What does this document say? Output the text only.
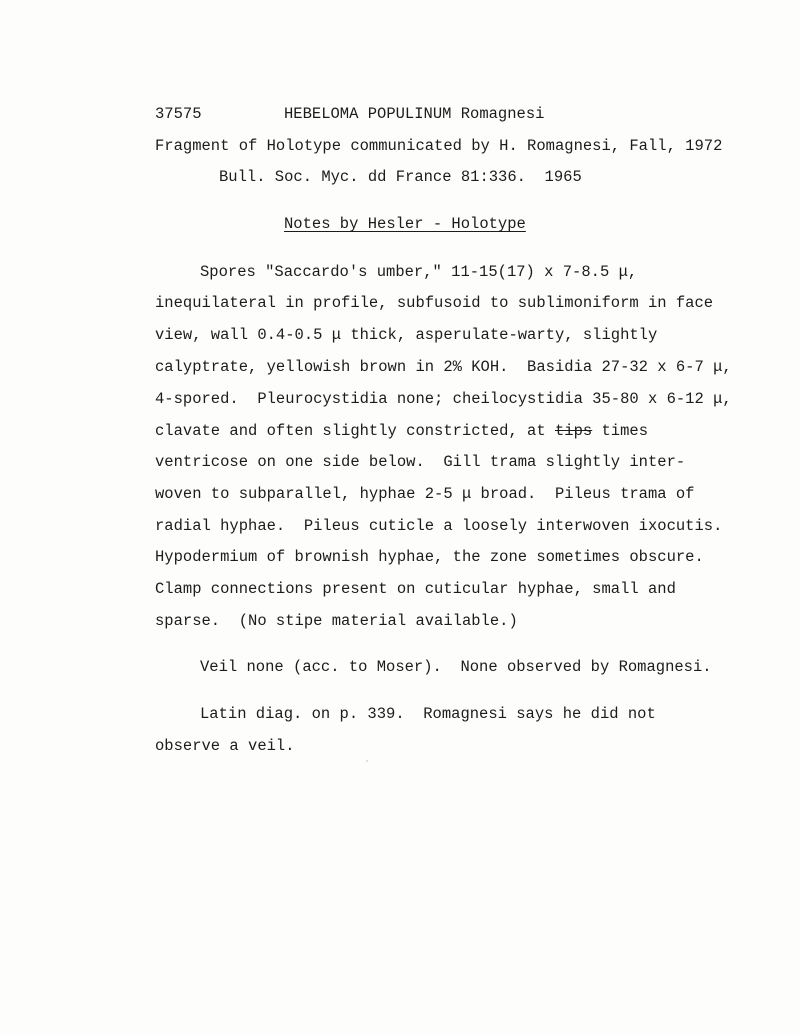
37575	HEBELOMA POPULINUM Romagnesi
Fragment of Holotype communicated by H. Romagnesi, Fall, 1972
Bull. Soc. Myc. dd France 81:336.  1965
Notes by Hesler - Holotype
Spores "Saccardo's umber," 11-15(17) x 7-8.5 μ,
inequilateral in profile, subfusoid to sublimoniform in face
view, wall 0.4-0.5 μ thick, asperulate-warty, slightly
calyptrate, yellowish brown in 2% KOH.  Basidia 27-32 x 6-7 μ,
4-spored.  Pleurocystidia none; cheilocystidia 35-80 x 6-12 μ,
clavate and often slightly constricted, at tips times
ventricose on one side below.  Gill trama slightly inter-
woven to subparallel, hyphae 2-5 μ broad.  Pileus trama of
radial hyphae.  Pileus cuticle a loosely interwoven ixocutis.
Hypodermium of brownish hyphae, the zone sometimes obscure.
Clamp connections present on cuticular hyphae, small and
sparse.  (No stipe material available.)
Veil none (acc. to Moser).  None observed by Romagnesi.
Latin diag. on p. 339.  Romagnesi says he did not
observe a veil.
